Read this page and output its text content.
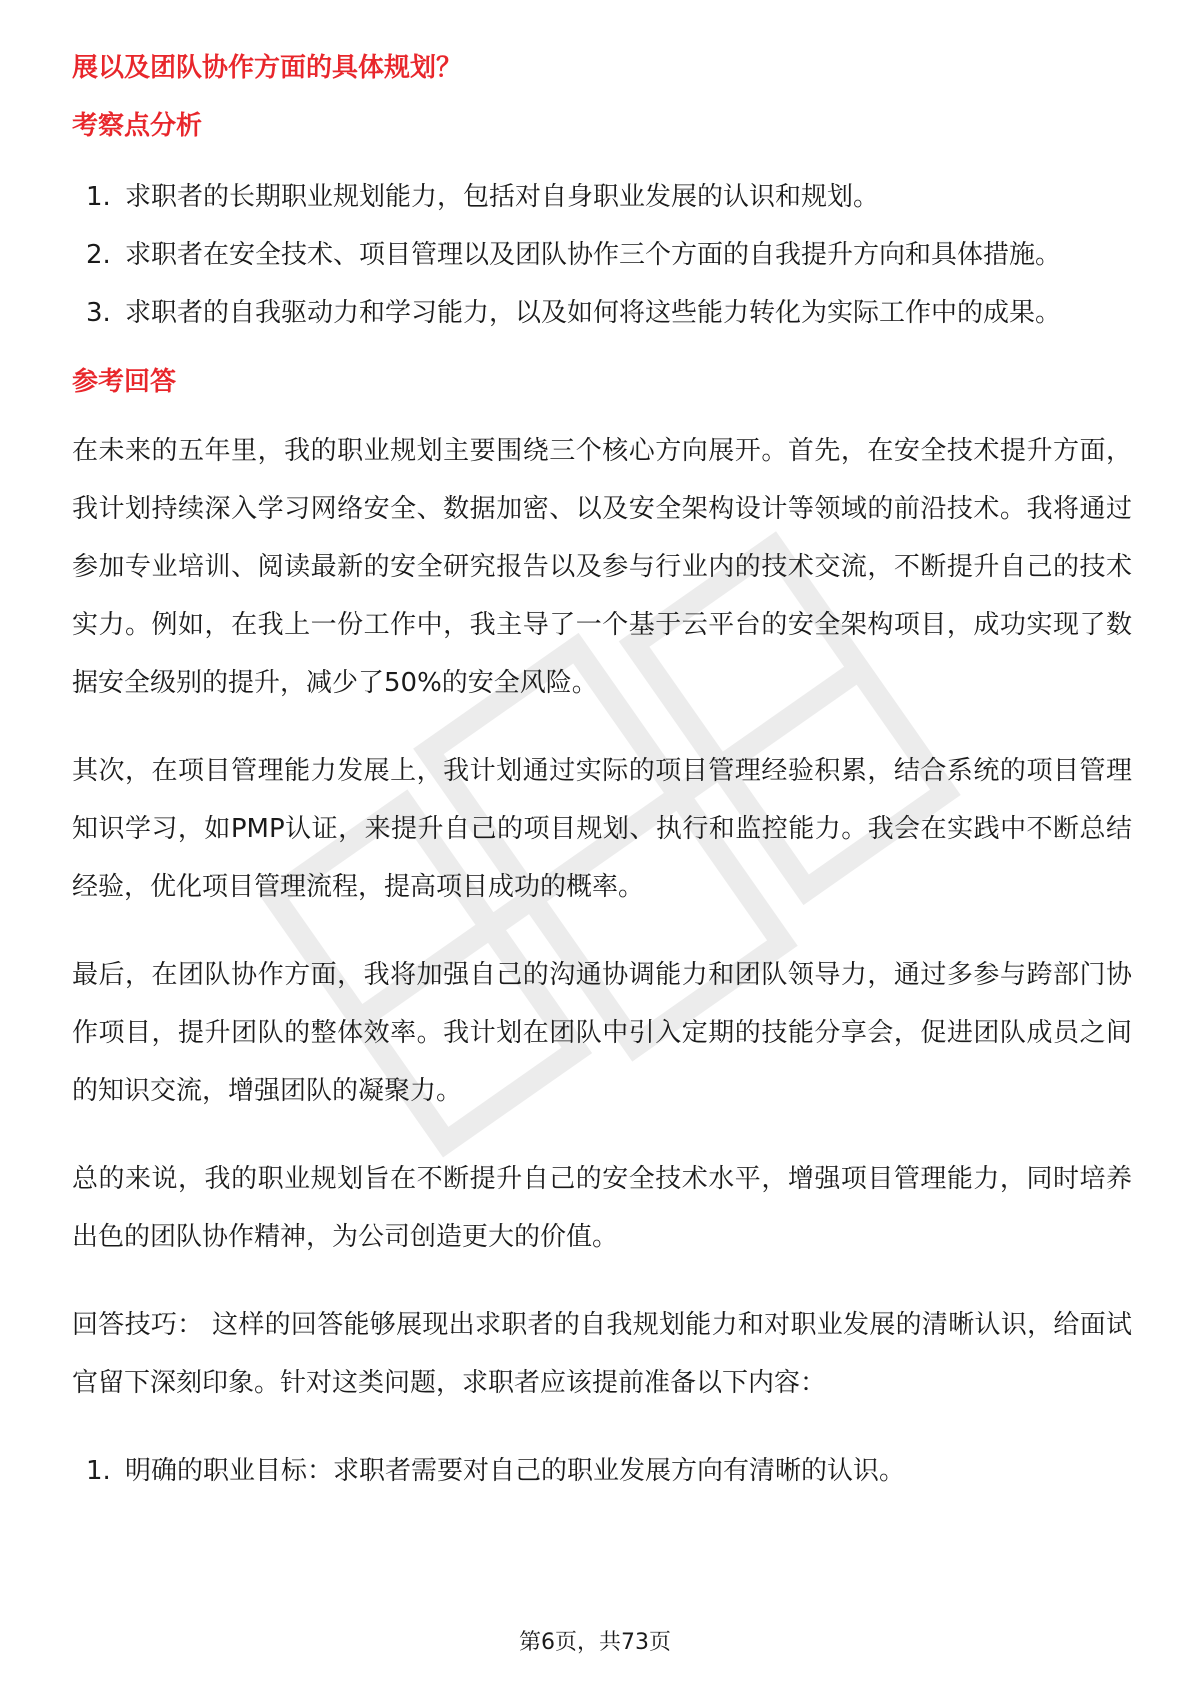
展以及团队协作方面的具体规划？
考察点分析
1. 求职者的长期职业规划能力，包括对自身职业发展的认识和规划。
2. 求职者在安全技术、项目管理以及团队协作三个方面的自我提升方向和具体措施。
3. 求职者的自我驱动力和学习能力，以及如何将这些能力转化为实际工作中的成果。
参考回答

在未来的五年里，我的职业规划主要围绕三个核心方向展开。首先，在安全技术提升方面，我计划持续深入学习网络安全、数据加密、以及安全架构设计等领域的前沿技术。我将通过参加专业培训、阅读最新的安全研究报告以及参与行业内的技术交流，不断提升自己的技术实力。例如，在我上一份工作中，我主导了一个基于云平台的安全架构项目，成功实现了数据安全级别的提升，减少了50%的安全风险。

其次，在项目管理能力发展上，我计划通过实际的项目管理经验积累，结合系统的项目管理知识学习，如PMP认证，来提升自己的项目规划、执行和监控能力。我会在实践中不断总结经验，优化项目管理流程，提高项目成功的概率。

最后，在团队协作方面，我将加强自己的沟通协调能力和团队领导力，通过多参与跨部门协作项目，提升团队的整体效率。我计划在团队中引入定期的技能分享会，促进团队成员之间的知识交流，增强团队的凝聚力。

总的来说，我的职业规划旨在不断提升自己的安全技术水平，增强项目管理能力，同时培养出色的团队协作精神，为公司创造更大的价值。

回答技巧： 这样的回答能够展现出求职者的自我规划能力和对职业发展的清晰认识，给面试官留下深刻印象。针对这类问题，求职者应该提前准备以下内容：

1. 明确的职业目标：求职者需要对自己的职业发展方向有清晰的认识。
第6页，共73页
